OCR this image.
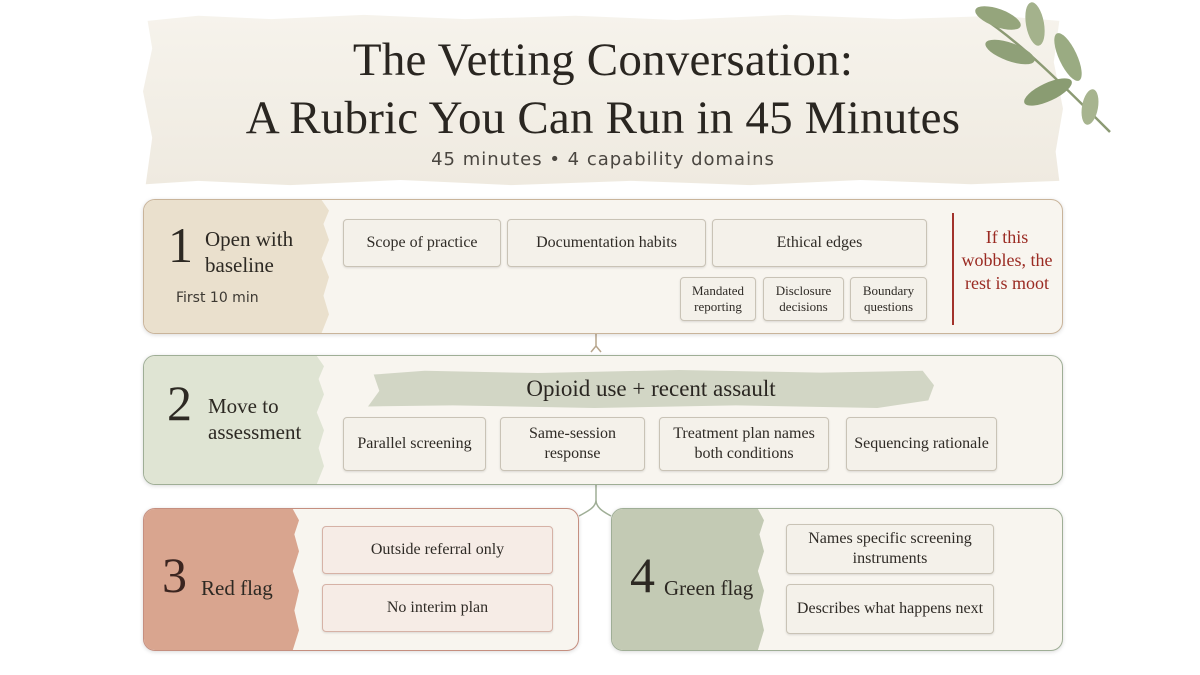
The Vetting Conversation:
A Rubric You Can Run in 45 Minutes
45 minutes • 4 capability domains
1 Open with baseline
First 10 min
Scope of practice	Documentation habits	Ethical edges
Mandated reporting
Disclosure decisions
Boundary questions
If this wobbles, the rest is moot
2 Move to assessment
Opioid use + recent assault
Parallel screening
Same-session response
Treatment plan names both conditions
Sequencing rationale
3 Red flag
Outside referral only
No interim plan
4 Green flag
Names specific screening instruments
Describes what happens next
